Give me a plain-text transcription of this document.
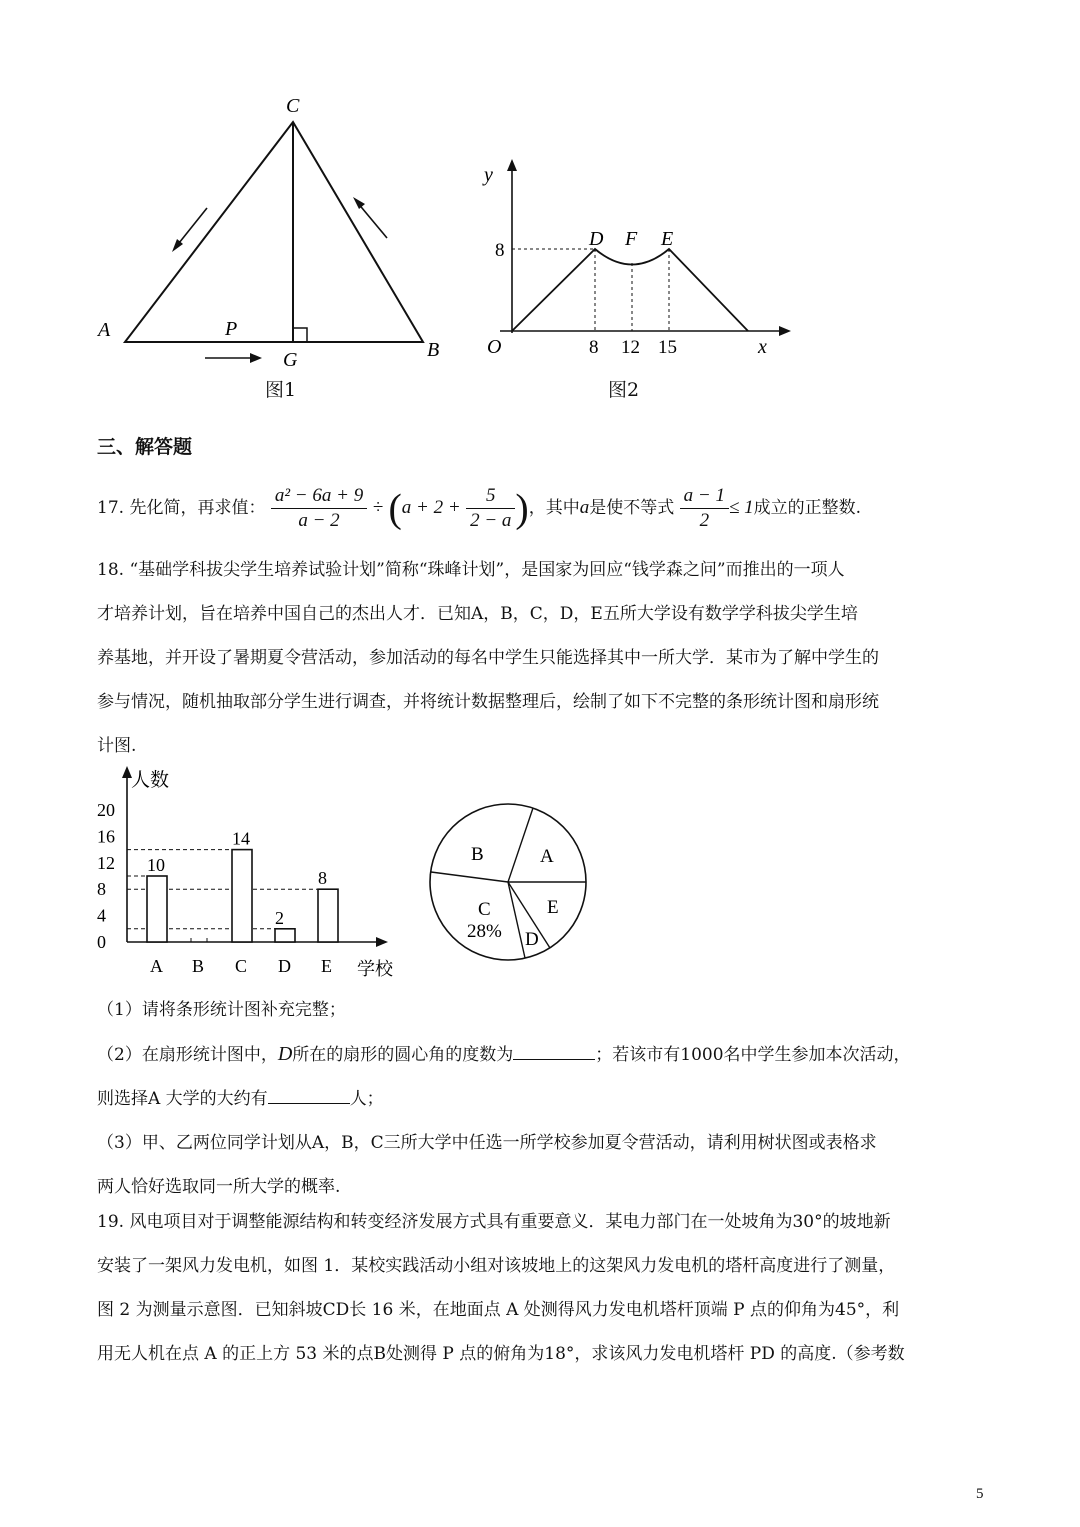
C
A
B
P
G
图1
y
x
O
D F E
8
8 12 15
图2
三、解答题
17. 先化简，再求值： $\frac{\text{a² − 6a + 9}}{a - 2} \div (a + 2 + \frac{5}{2 - a}$ )，其中a是使不等式 $\frac{a - 1}{2} \le 1$成立的正整数.
18. “基础学科拔尖学生培养试验计划”简称“珠峰计划”，是国家为回应“钱学森之问”而推出的一项人
才培养计划，旨在培养中国自己的杰出人才．已知A，B，C，D，E五所大学设有数学学科拔尖学生培
养基地，并开设了暑期夏令营活动，参加活动的每名中学生只能选择其中一所大学．某市为了解中学生的
参与情况，随机抽取部分学生进行调查，并将统计数据整理后，绘制了如下不完整的条形统计图和扇形统
计图.
人数
学校
0
4
8
12
16
20
A B C D E
10
14
2
8
B	A
C
28%
E
D
（1）请将条形统计图补充完整；
（2）在扇形统计图中，D所在的扇形的圆心角的度数为	；若该市有1000名中学生参加本次活动，
则选择A 大学的大约有	人；
（3）甲、乙两位同学计划从A，B，C三所大学中任选一所学校参加夏令营活动，请利用树状图或表格求
两人恰好选取同一所大学的概率.
19. 风电项目对于调整能源结构和转变经济发展方式具有重要意义．某电力部门在一处坡角为30°的坡地新
安装了一架风力发电机，如图 1．某校实践活动小组对该坡地上的这架风力发电机的塔杆高度进行了测量，
图 2 为测量示意图．已知斜坡CD长 16 米，在地面点 A 处测得风力发电机塔杆顶端 P 点的仰角为45°，利
用无人机在点 A 的正上方 53 米的点B处测得 P 点的俯角为18°，求该风力发电机塔杆 PD 的高度.（参考数
5
